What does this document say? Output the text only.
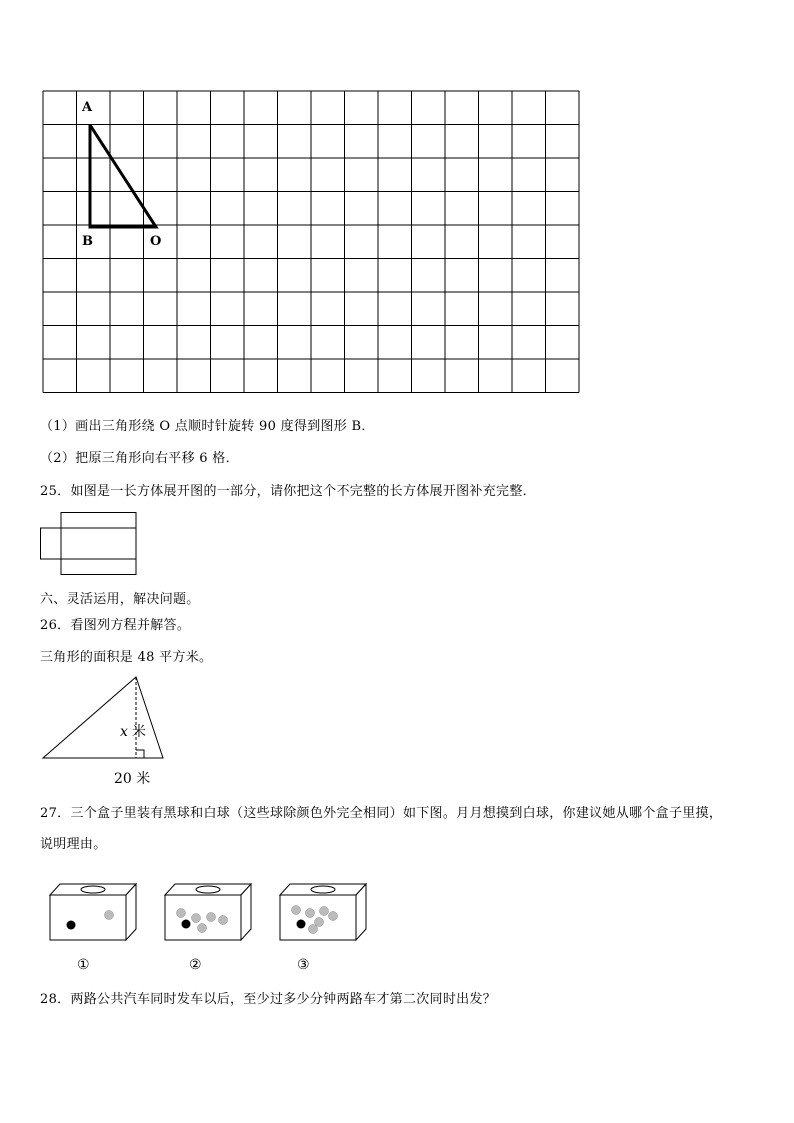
A
B	O
（1）画出三角形绕 O 点顺时针旋转 90 度得到图形 B．
（2）把原三角形向右平移 6 格．
25．如图是一长方体展开图的一部分，请你把这个不完整的长方体展开图补充完整．
六、灵活运用，解决问题。
26．看图列方程并解答。
三角形的面积是 48 平方米。
x 米
20 米
27．三个盒子里装有黑球和白球（这些球除颜色外完全相同）如下图。月月想摸到白球，你建议她从哪个盒子里摸，
说明理由。
①	②	③
28．两路公共汽车同时发车以后，至少过多少分钟两路车才第二次同时出发？
